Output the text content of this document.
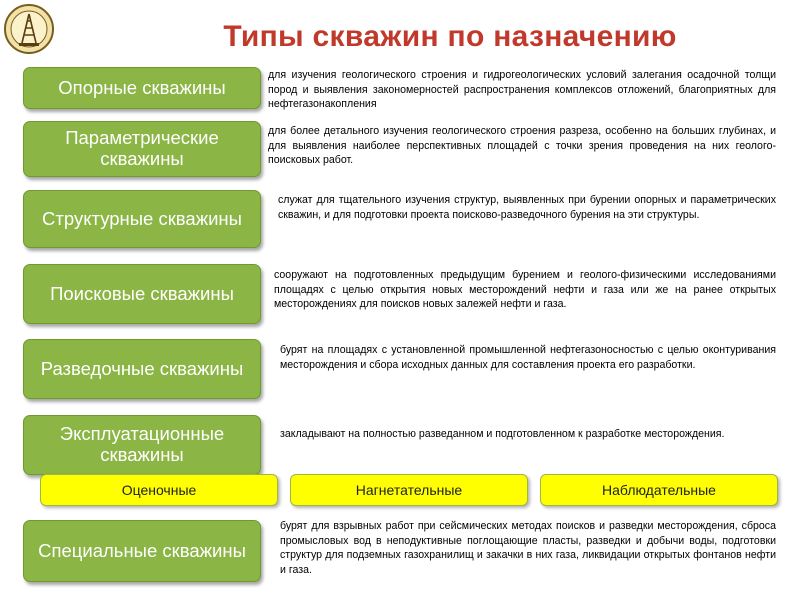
Типы скважин по назначению
Опорные скважины
Параметрические скважины
Структурные скважины
Поисковые скважины
Разведочные скважины
Эксплуатационные скважины
Специальные скважины
для изучения геологического строения и гидрогеологических условий залегания осадочной толщи пород и выявления закономерностей распространения комплексов отложений, благоприятных для нефтегазонакопления
для более детального изучения геологического строения разреза, особенно на больших глубинах, и для выявления наиболее перспективных площадей с точки зрения проведения на них геолого-поисковых работ.
служат для тщательного изучения структур, выявленных при бурении опорных и параметрических скважин, и для подготовки проекта поисково-разведочного бурения на эти структуры.
сооружают на подготовленных предыдущим бурением и геолого-физическими исследованиями площадях с целью открытия новых месторождений нефти и газа или же на ранее открытых месторождениях для поисков новых залежей нефти и газа.
бурят на площадях с установленной промышленной нефтегазоносностью с целью оконтуривания месторождения и сбора исходных данных для составления проекта его разработки.
закладывают на полностью разведанном и подготовленном к разработке месторождения.
бурят для взрывных работ при сейсмических методах поисков и разведки месторождения, сброса промысловых вод в неподуктивные поглощающие пласты, разведки и добычи воды, подготовки структур для подземных газохранилищ и закачки в них газа, ликвидации открытых фонтанов нефти и газа.
Оценочные	Нагнетательные	Наблюдательные
